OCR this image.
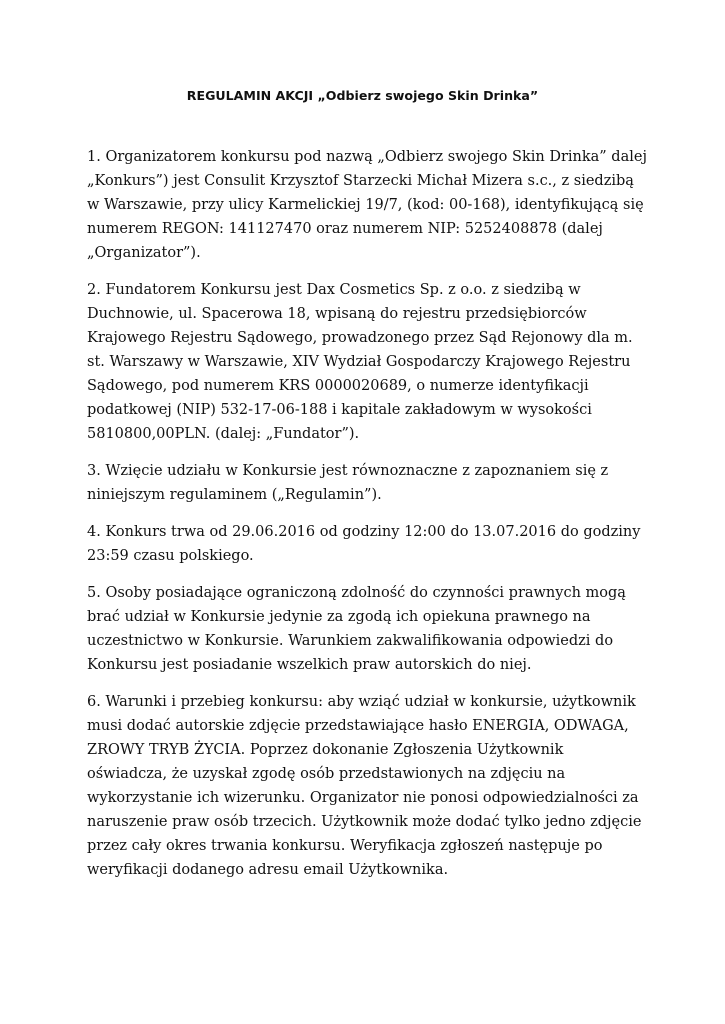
REGULAMIN AKCJI „Odbierz swojego Skin Drinka”

1. Organizatorem konkursu pod nazwą „Odbierz swojego Skin Drinka” dalej „Konkurs”) jest Consulit Krzysztof Starzecki Michał Mizera s.c., z siedzibą w Warszawie, przy ulicy Karmelickiej 19/7, (kod: 00-168), identyfikującą się numerem REGON: 141127470 oraz numerem NIP: 5252408878 (dalej „Organizator”).

2. Fundatorem Konkursu jest Dax Cosmetics Sp. z o.o. z siedzibą w Duchnowie, ul. Spacerowa 18, wpisaną do rejestru przedsiębiorców Krajowego Rejestru Sądowego, prowadzonego przez Sąd Rejonowy dla m. st. Warszawy w Warszawie, XIV Wydział Gospodarczy Krajowego Rejestru Sądowego, pod numerem KRS 0000020689, o numerze identyfikacji podatkowej (NIP) 532-17-06-188 i kapitale zakładowym w wysokości 5810800,00PLN. (dalej: „Fundator”).

3. Wzięcie udziału w Konkursie jest równoznaczne z zapoznaniem się z niniejszym regulaminem („Regulamin”).

4. Konkurs trwa od 29.06.2016 od godziny 12:00 do 13.07.2016 do godziny 23:59 czasu polskiego.

5. Osoby posiadające ograniczoną zdolność do czynności prawnych mogą brać udział w Konkursie jedynie za zgodą ich opiekuna prawnego na uczestnictwo w Konkursie. Warunkiem zakwalifikowania odpowiedzi do Konkursu jest posiadanie wszelkich praw autorskich do niej.

6. Warunki i przebieg konkursu: aby wziąć udział w konkursie, użytkownik musi dodać autorskie zdjęcie przedstawiające hasło ENERGIA, ODWAGA, ZROWY TRYB ŻYCIA. Poprzez dokonanie Zgłoszenia Użytkownik oświadcza, że uzyskał zgodę osób przedstawionych na zdjęciu na wykorzystanie ich wizerunku. Organizator nie ponosi odpowiedzialności za naruszenie praw osób trzecich. Użytkownik może dodać tylko jedno zdjęcie przez cały okres trwania konkursu. Weryfikacja zgłoszeń następuje po weryfikacji dodanego adresu email Użytkownika.
